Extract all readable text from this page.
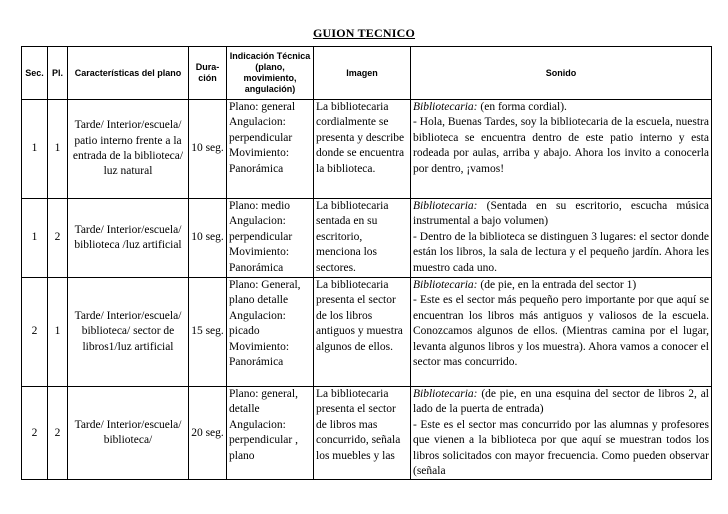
GUION TECNICO
Sec.	Pl.	Características del plano	Dura-ción	Indicación Técnica (plano, movimiento, angulación)	Imagen	Sonido
1	1	Tarde/ Interior/escuela/ patio interno frente a la entrada de la biblioteca/ luz natural	10 seg.	Plano: general Angulacion: perpendicular Movimiento: Panorámica	La bibliotecaria cordialmente se presenta y describe donde se encuentra la biblioteca.	Bibliotecaria: (en forma cordial).
- Hola, Buenas Tardes, soy la bibliotecaria de la escuela, nuestra biblioteca se encuentra dentro de este patio interno y esta rodeada por aulas, arriba y abajo. Ahora los invito a conocerla por dentro, ¡vamos!

1	2	Tarde/ Interior/escuela/ biblioteca /luz artificial	10 seg.	Plano: medio Angulacion: perpendicular Movimiento: Panorámica	La bibliotecaria sentada en su escritorio, menciona los sectores.	Bibliotecaria: (Sentada en su escritorio, escucha música instrumental a bajo volumen)
- Dentro de la biblioteca se distinguen 3 lugares: el sector donde están los libros, la sala de lectura y el pequeño jardín. Ahora les muestro cada uno.

2	1	Tarde/ Interior/escuela/ biblioteca/ sector de libros1/luz artificial	15 seg.	Plano: General, plano detalle Angulacion: picado Movimiento: Panorámica	La bibliotecaria presenta el sector de los libros antiguos y muestra algunos de ellos.	Bibliotecaria: (de pie, en la entrada del sector 1)
- Este es el sector más pequeño pero importante por que aquí se encuentran los libros más antiguos y valiosos de la escuela. Conozcamos algunos de ellos. (Mientras camina por el lugar, levanta algunos libros y los muestra). Ahora vamos a conocer el sector mas concurrido.

2	2	Tarde/ Interior/escuela/ biblioteca/	20 seg.	Plano: general, detalle Angulacion: perpendicular , plano	La bibliotecaria presenta el sector de libros mas concurrido, señala los muebles y las	Bibliotecaria: (de pie, en una esquina del sector de libros 2, al lado de la puerta de entrada)
- Este es el sector mas concurrido por las alumnas y profesores que vienen a la biblioteca por que aquí se muestran todos los libros solicitados con mayor frecuencia. Como pueden observar (señala
